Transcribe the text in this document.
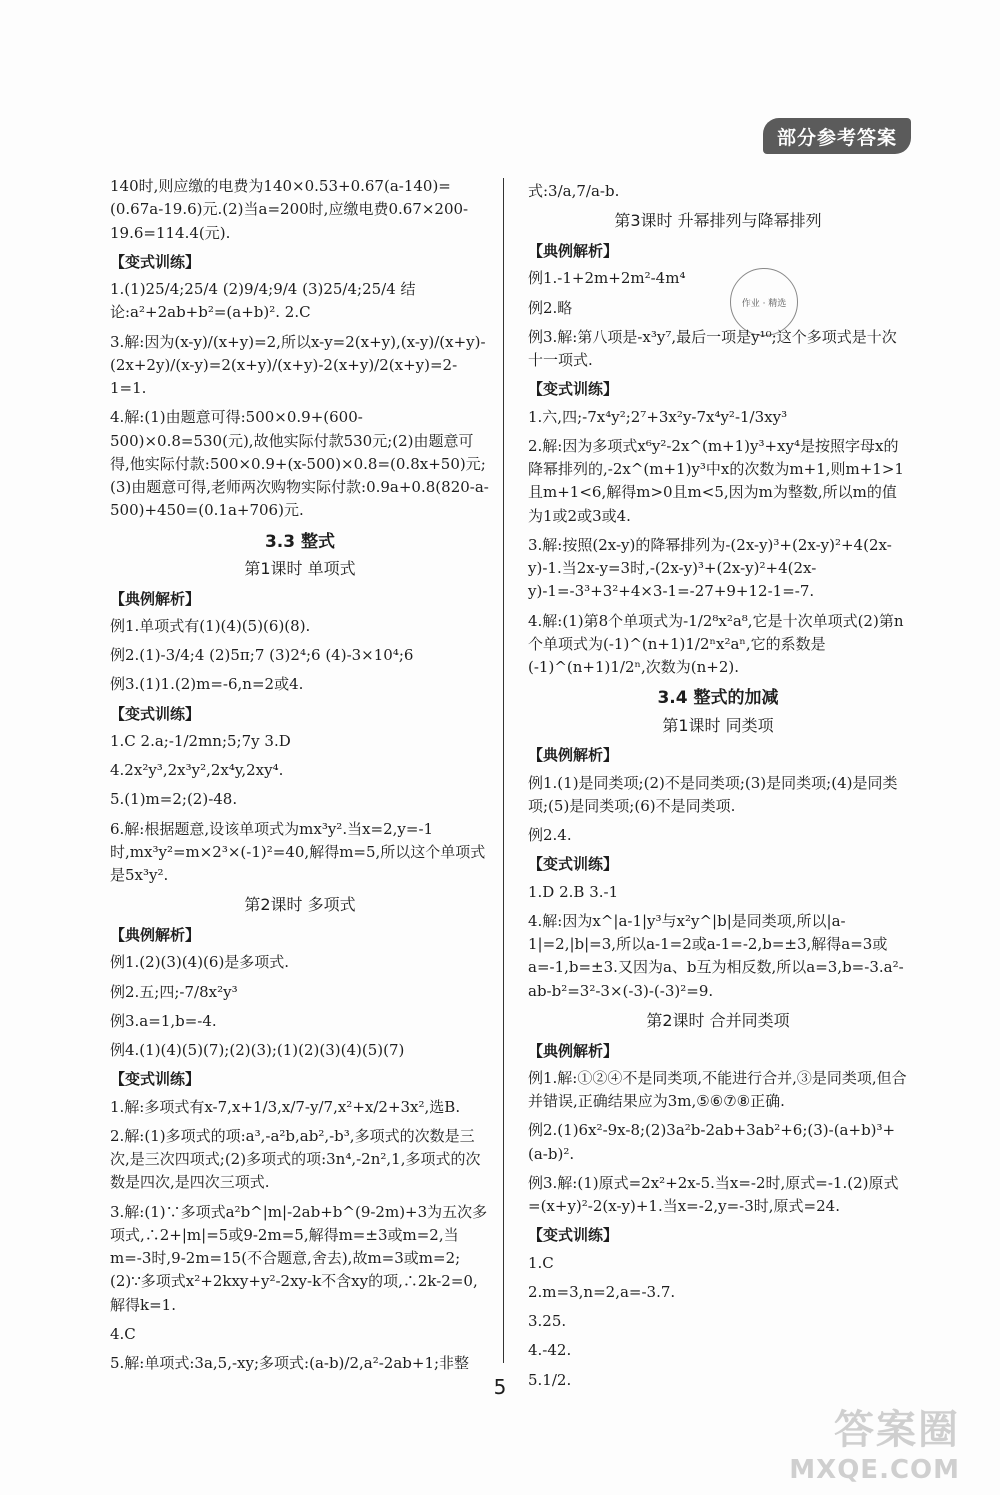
部分参考答案
作业 · 精选
140时,则应缴的电费为140×0.53+0.67(a-140)=(0.67a-19.6)元.(2)当a=200时,应缴电费0.67×200-19.6=114.4(元).
【变式训练】
1.(1)25/4;25/4 (2)9/4;9/4 (3)25/4;25/4 结论:a²+2ab+b²=(a+b)². 2.C
3.解:因为(x-y)/(x+y)=2,所以x-y=2(x+y),(x-y)/(x+y)-(2x+2y)/(x-y)=2(x+y)/(x+y)-2(x+y)/2(x+y)=2-1=1.
4.解:(1)由题意可得:500×0.9+(600-500)×0.8=530(元),故他实际付款530元;(2)由题意可得,他实际付款:500×0.9+(x-500)×0.8=(0.8x+50)元;(3)由题意可得,老师两次购物实际付款:0.9a+0.8(820-a-500)+450=(0.1a+706)元.
3.3 整式
第1课时 单项式
【典例解析】
例1.单项式有(1)(4)(5)(6)(8).
例2.(1)-3/4;4 (2)5π;7 (3)2⁴;6 (4)-3×10⁴;6
例3.(1)1.(2)m=-6,n=2或4.
【变式训练】
1.C 2.a;-1/2mn;5;7y 3.D
4.2x²y³,2x³y²,2x⁴y,2xy⁴.
5.(1)m=2;(2)-48.
6.解:根据题意,设该单项式为mx³y².当x=2,y=-1时,mx³y²=m×2³×(-1)²=40,解得m=5,所以这个单项式是5x³y².
第2课时 多项式
【典例解析】
例1.(2)(3)(4)(6)是多项式.
例2.五;四;-7/8x²y³
例3.a=1,b=-4.
例4.(1)(4)(5)(7);(2)(3);(1)(2)(3)(4)(5)(7)
【变式训练】
1.解:多项式有x-7,x+1/3,x/7-y/7,x²+x/2+3x²,选B.
2.解:(1)多项式的项:a³,-a²b,ab²,-b³,多项式的次数是三次,是三次四项式;(2)多项式的项:3n⁴,-2n²,1,多项式的次数是四次,是四次三项式.
3.解:(1)∵多项式a²b^|m|-2ab+b^(9-2m)+3为五次多项式,∴2+|m|=5或9-2m=5,解得m=±3或m=2,当m=-3时,9-2m=15(不合题意,舍去),故m=3或m=2;(2)∵多项式x²+2kxy+y²-2xy-k不含xy的项,∴2k-2=0,解得k=1.
4.C
5.解:单项式:3a,5,-xy;多项式:(a-b)/2,a²-2ab+1;非整
式:3/a,7/a-b.
第3课时 升幂排列与降幂排列
【典例解析】
例1.-1+2m+2m²-4m⁴
例2.略
例3.解:第八项是-x³y⁷,最后一项是y¹⁰;这个多项式是十次十一项式.
【变式训练】
1.六,四;-7x⁴y²;2⁷+3x²y-7x⁴y²-1/3xy³
2.解:因为多项式x⁶y²-2x^(m+1)y³+xy⁴是按照字母x的降幂排列的,-2x^(m+1)y³中x的次数为m+1,则m+1>1且m+1<6,解得m>0且m<5,因为m为整数,所以m的值为1或2或3或4.
3.解:按照(2x-y)的降幂排列为-(2x-y)³+(2x-y)²+4(2x-y)-1.当2x-y=3时,-(2x-y)³+(2x-y)²+4(2x-y)-1=-3³+3²+4×3-1=-27+9+12-1=-7.
4.解:(1)第8个单项式为-1/2⁸x²a⁸,它是十次单项式(2)第n个单项式为(-1)^(n+1)1/2ⁿx²aⁿ,它的系数是(-1)^(n+1)1/2ⁿ,次数为(n+2).
3.4 整式的加减
第1课时 同类项
【典例解析】
例1.(1)是同类项;(2)不是同类项;(3)是同类项;(4)是同类项;(5)是同类项;(6)不是同类项.
例2.4.
【变式训练】
1.D 2.B 3.-1
4.解:因为x^|a-1|y³与x²y^|b|是同类项,所以|a-1|=2,|b|=3,所以a-1=2或a-1=-2,b=±3,解得a=3或a=-1,b=±3.又因为a、b互为相反数,所以a=3,b=-3.a²-ab-b²=3²-3×(-3)-(-3)²=9.
第2课时 合并同类项
【典例解析】
例1.解:①②④不是同类项,不能进行合并,③是同类项,但合并错误,正确结果应为3m,⑤⑥⑦⑧正确.
例2.(1)6x²-9x-8;(2)3a²b-2ab+3ab²+6;(3)-(a+b)³+(a-b)².
例3.解:(1)原式=2x²+2x-5.当x=-2时,原式=-1.(2)原式=(x+y)²-2(x-y)+1.当x=-2,y=-3时,原式=24.
【变式训练】
1.C
2.m=3,n=2,a=-3.7.
3.25.
4.-42.
5.1/2.
5
答案圈
MXQE.COM
